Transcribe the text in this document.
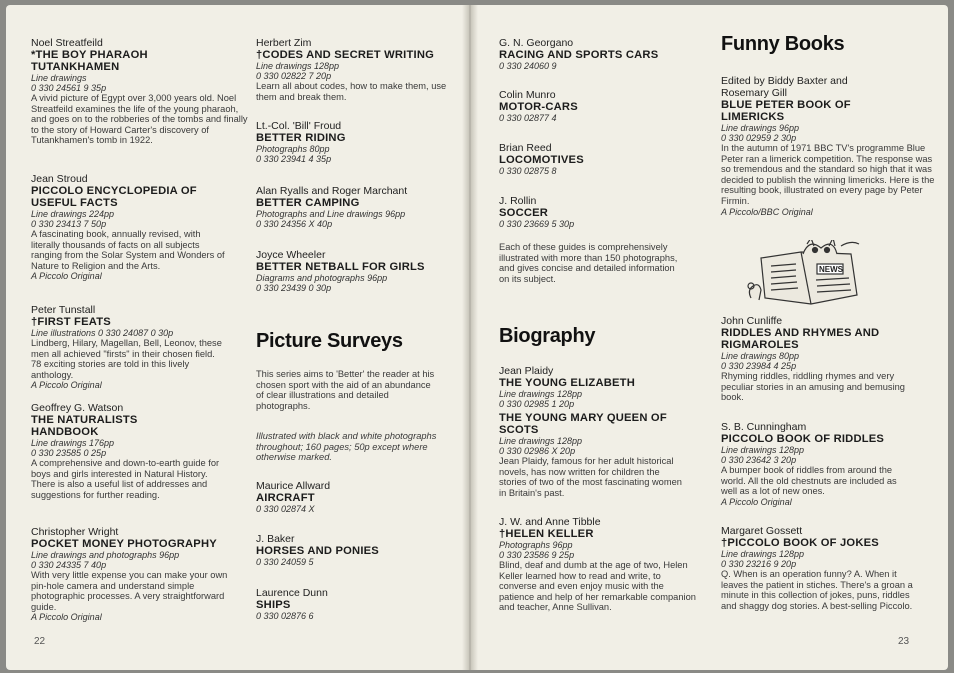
Noel Streatfeild
*THE BOY PHARAOH TUTANKHAMEN
Line drawings
0 330 24561 9 35p
A vivid picture of Egypt over 3,000 years old. Noel Streatfeild examines the life of the young pharaoh, and goes on to the robberies of the tombs and finally to the story of Howard Carter's discovery of Tutankhamen's tomb in 1922.
Jean Stroud
PICCOLO ENCYCLOPEDIA OF USEFUL FACTS
Line drawings 224pp
0 330 23413 7 50p
A fascinating book, annually revised, with literally thousands of facts on all subjects ranging from the Solar System and Wonders of Nature to Religion and the Arts.
A Piccolo Original
Peter Tunstall
†FIRST FEATS
Line illustrations 0 330 24087 0 30p
Lindberg, Hilary, Magellan, Bell, Leonov, these men all achieved "firsts" in their chosen field. 78 exciting stories are told in this lively anthology.
A Piccolo Original
Geoffrey G. Watson
THE NATURALISTS HANDBOOK
Line drawings 176pp
0 330 23585 0 25p
A comprehensive and down-to-earth guide for boys and girls interested in Natural History. There is also a useful list of addresses and suggestions for further reading.
Christopher Wright
POCKET MONEY PHOTOGRAPHY
Line drawings and photographs 96pp
0 330 24335 7 40p
With very little expense you can make your own pin-hole camera and understand simple photographic processes. A very straightforward guide.
A Piccolo Original
Herbert Zim
†CODES AND SECRET WRITING
Line drawings 128pp
0 330 02822 7 20p
Learn all about codes, how to make them, use them and break them.
Lt.-Col. 'Bill' Froud
BETTER RIDING
Photographs 80pp
0 330 23941 4 35p
Alan Ryalls and Roger Marchant
BETTER CAMPING
Photographs and Line drawings 96pp
0 330 24356 X 40p
Joyce Wheeler
BETTER NETBALL FOR GIRLS
Diagrams and photographs 96pp
0 330 23439 0 30p
Picture Surveys
This series aims to 'Better' the reader at his chosen sport with the aid of an abundance of clear illustrations and detailed photographs.
Illustrated with black and white photographs throughout; 160 pages; 50p except where otherwise marked.
Maurice Allward
AIRCRAFT
0 330 02874 X
J. Baker
HORSES AND PONIES
0 330 24059 5
Laurence Dunn
SHIPS
0 330 02876 6
G. N. Georgano
RACING AND SPORTS CARS
0 330 24060 9
Colin Munro
MOTOR-CARS
0 330 02877 4
Brian Reed
LOCOMOTIVES
0 330 02875 8
J. Rollin
SOCCER
0 330 23669 5 30p
Each of these guides is comprehensively illustrated with more than 150 photographs, and gives concise and detailed information on its subject.
Biography
Jean Plaidy
THE YOUNG ELIZABETH
Line drawings 128pp
0 330 02985 1 20p
THE YOUNG MARY QUEEN OF SCOTS
Line drawings 128pp
0 330 02986 X 20p
Jean Plaidy, famous for her adult historical novels, has now written for children the stories of two of the most fascinating women in Britain's past.
J. W. and Anne Tibble
†HELEN KELLER
Photographs 96pp
0 330 23586 9 25p
Blind, deaf and dumb at the age of two, Helen Keller learned how to read and write, to converse and even enjoy music with the patience and help of her remarkable companion and teacher, Anne Sullivan.
Funny Books
Edited by Biddy Baxter and Rosemary Gill
BLUE PETER BOOK OF LIMERICKS
Line drawings 96pp
0 330 02959 2 30p
In the autumn of 1971 BBC TV's programme Blue Peter ran a limerick competition. The response was so tremendous and the standard so high that it was decided to publish the winning limericks. Here is the resulting book, illustrated on every page by Peter Firmin.
A Piccolo/BBC Original
John Cunliffe
RIDDLES AND RHYMES AND RIGMAROLES
Line drawings 80pp
0 330 23984 4 25p
Rhyming riddles, riddling rhymes and very peculiar stories in an amusing and bemusing book.
S. B. Cunningham
PICCOLO BOOK OF RIDDLES
Line drawings 128pp
0 330 23642 3 20p
A bumper book of riddles from around the world. All the old chestnuts are included as well as a lot of new ones.
A Piccolo Original
Margaret Gossett
†PICCOLO BOOK OF JOKES
Line drawings 128pp
0 330 23216 9 20p
Q. When is an operation funny? A. When it leaves the patient in stiches. There's a groan a minute in this collection of jokes, puns, riddles and shaggy dog stories. A best-selling Piccolo.
NEWS
22	23
